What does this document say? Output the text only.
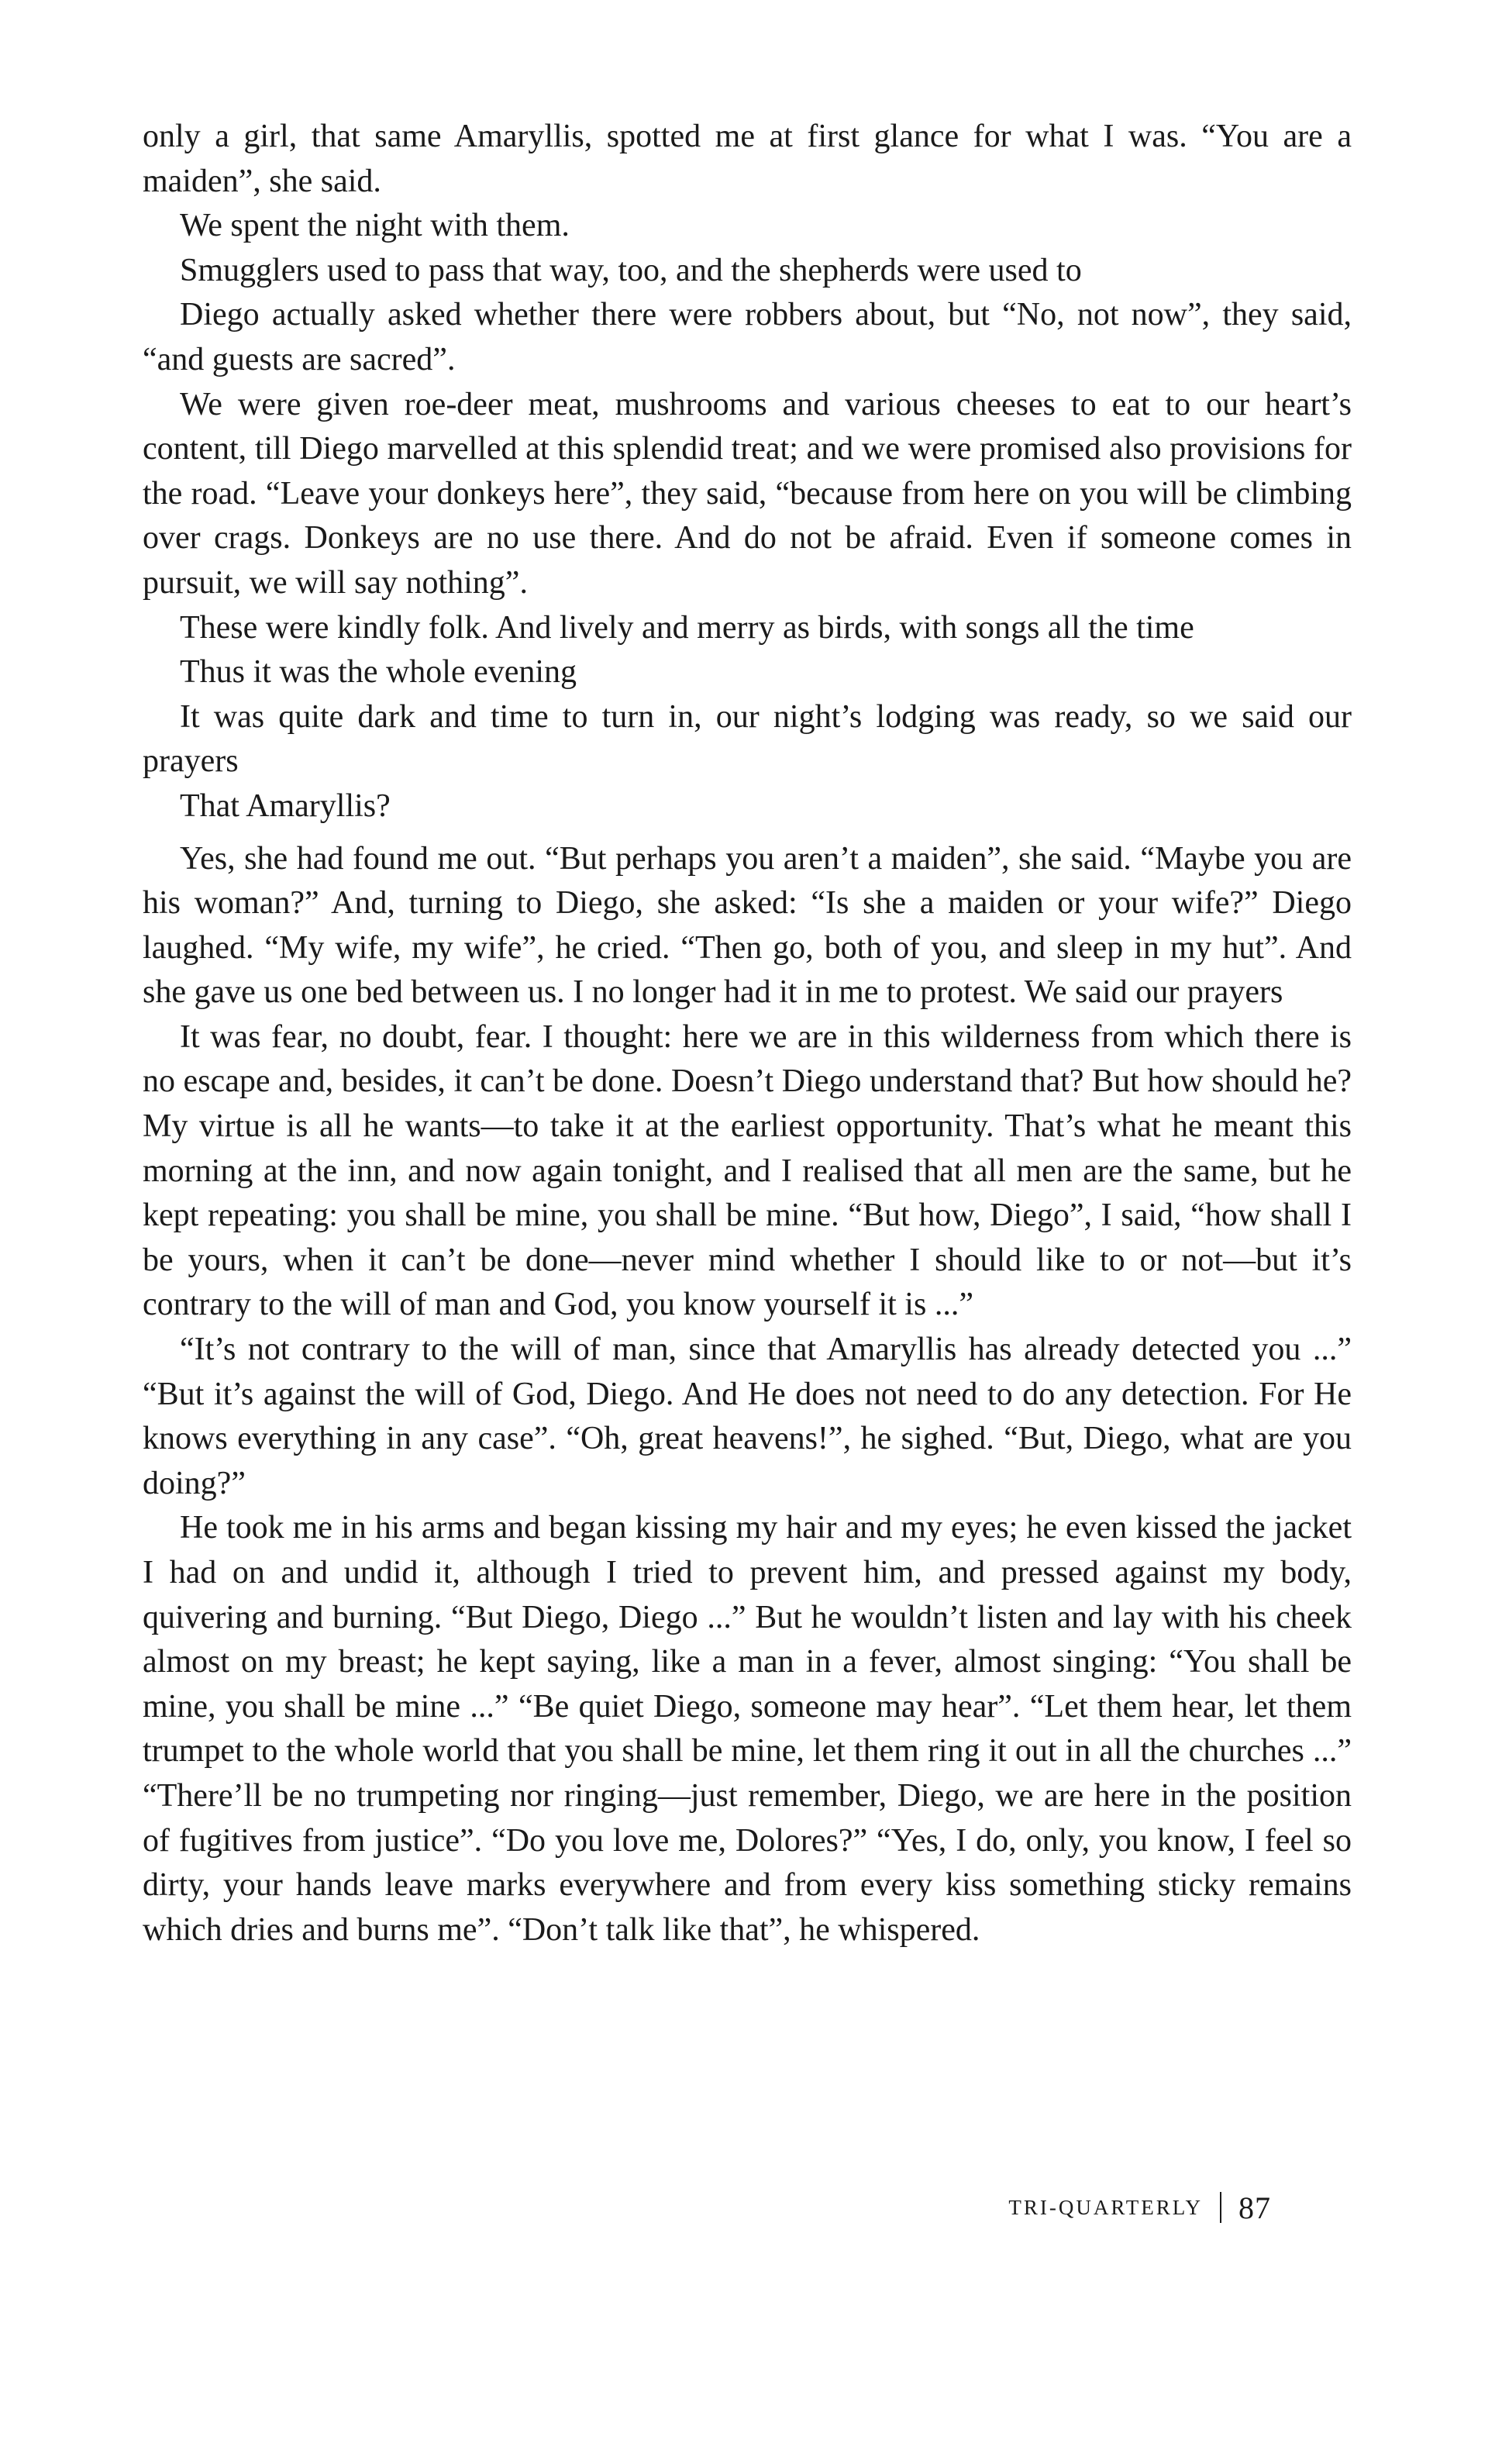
only a girl, that same Amaryllis, spotted me at first glance for what I was. “You are a maiden”, she said.

We spent the night with them.

Smugglers used to pass that way, too, and the shepherds were used to

Diego actually asked whether there were robbers about, but “No, not now”, they said, “and guests are sacred”.

We were given roe-deer meat, mushrooms and various cheeses to eat to our heart’s content, till Diego marvelled at this splendid treat; and we were promised also provisions for the road. “Leave your donkeys here”, they said, “because from here on you will be climbing over crags. Donkeys are no use there. And do not be afraid. Even if someone comes in pursuit, we will say nothing”.

These were kindly folk. And lively and merry as birds, with songs all the time

Thus it was the whole evening

It was quite dark and time to turn in, our night’s lodging was ready, so we said our prayers

That Amaryllis?

Yes, she had found me out. “But perhaps you aren’t a maiden”, she said. “Maybe you are his woman?” And, turning to Diego, she asked: “Is she a maiden or your wife?” Diego laughed. “My wife, my wife”, he cried. “Then go, both of you, and sleep in my hut”. And she gave us one bed between us. I no longer had it in me to protest. We said our prayers

It was fear, no doubt, fear. I thought: here we are in this wilderness from which there is no escape and, besides, it can’t be done. Doesn’t Diego understand that? But how should he? My virtue is all he wants—to take it at the earliest opportunity. That’s what he meant this morning at the inn, and now again tonight, and I realised that all men are the same, but he kept repeating: you shall be mine, you shall be mine. “But how, Diego”, I said, “how shall I be yours, when it can’t be done—never mind whether I should like to or not—but it’s contrary to the will of man and God, you know yourself it is ...”

“It’s not contrary to the will of man, since that Amaryllis has already detected you ...” “But it’s against the will of God, Diego. And He does not need to do any detection. For He knows everything in any case”. “Oh, great heavens!”, he sighed. “But, Diego, what are you doing?”

He took me in his arms and began kissing my hair and my eyes; he even kissed the jacket I had on and undid it, although I tried to prevent him, and pressed against my body, quivering and burning. “But Diego, Diego ...” But he wouldn’t listen and lay with his cheek almost on my breast; he kept saying, like a man in a fever, almost singing: “You shall be mine, you shall be mine ...” “Be quiet Diego, someone may hear”. “Let them hear, let them trumpet to the whole world that you shall be mine, let them ring it out in all the churches ...” “There’ll be no trumpeting nor ringing—just remember, Diego, we are here in the position of fugitives from justice”. “Do you love me, Dolores?” “Yes, I do, only, you know, I feel so dirty, your hands leave marks everywhere and from every kiss something sticky remains which dries and burns me”. “Don’t talk like that”, he whispered.

TRI-QUARTERLY 87
